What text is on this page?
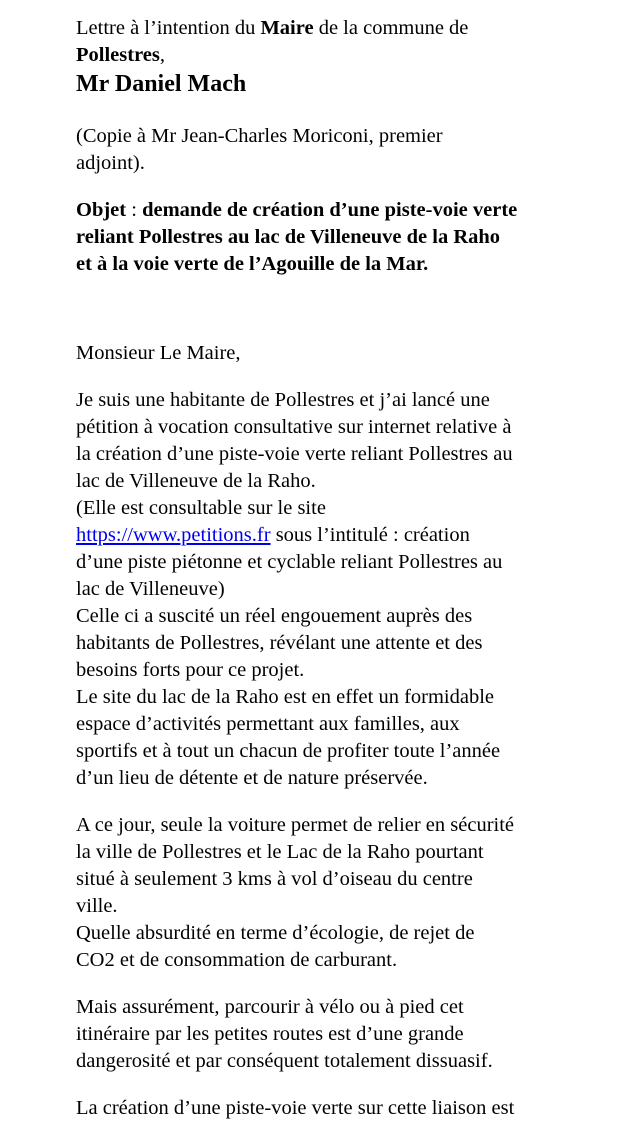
Lettre à l’intention du Maire de la commune de
Pollestres,
Mr Daniel Mach
(Copie à Mr Jean-Charles Moriconi, premier
adjoint).
Objet : demande de création d’une piste-voie verte
reliant Pollestres au lac de Villeneuve de la Raho
et à la voie verte de l’Agouille de la Mar.
Monsieur Le Maire,
Je suis une habitante de Pollestres et j’ai lancé une
pétition à vocation consultative sur internet relative à
la création d’une piste-voie verte reliant Pollestres au
lac de Villeneuve de la Raho.
(Elle est consultable sur le site
https://www.petitions.fr sous l’intitulé : création
d’une piste piétonne et cyclable reliant Pollestres au
lac de Villeneuve)
Celle ci a suscité un réel engouement auprès des
habitants de Pollestres, révélant une attente et des
besoins forts pour ce projet.
Le site du lac de la Raho est en effet un formidable
espace d’activités permettant aux familles, aux
sportifs et à tout un chacun de profiter toute l’année
d’un lieu de détente et de nature préservée.
A ce jour, seule la voiture permet de relier en sécurité
la ville de Pollestres et le Lac de la Raho pourtant
situé à seulement 3 kms à vol d’oiseau du centre
ville.
Quelle absurdité en terme d’écologie, de rejet de
CO2 et de consommation de carburant.
Mais assurément, parcourir à vélo ou à pied cet
itinéraire par les petites routes est d’une grande
dangerosité et par conséquent totalement dissuasif.
La création d’une piste-voie verte sur cette liaison est
